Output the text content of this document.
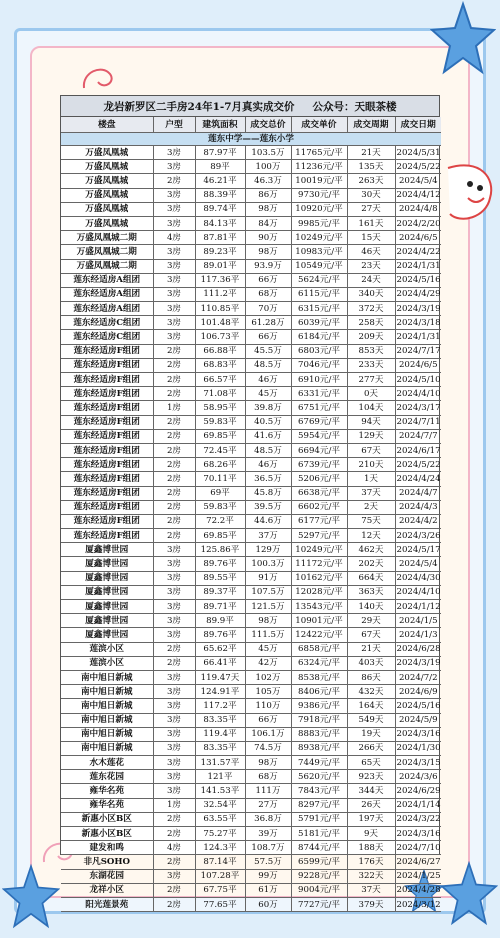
龙岩新罗区二手房24年1-7月真实成交价 公众号：天眼茶楼
楼盘	户型	建筑面积	成交总价	成交单价	成交周期	成交日期
莲东中学——莲东小学						
万盛凤凰城	3房	87.97平	103.5万	11765元/平	21天	2024/5/31
万盛凤凰城	3房	89平	100万	11236元/平	135天	2024/5/22
万盛凤凰城	2房	46.21平	46.3万	10019元/平	263天	2024/5/4
万盛凤凰城	3房	88.39平	86万	9730元/平	30天	2024/4/12
万盛凤凰城	3房	89.74平	98万	10920元/平	27天	2024/4/8
万盛凤凰城	3房	84.13平	84万	9985元/平	161天	2024/2/20
万盛凤凰城二期	4房	87.81平	90万	10249元/平	15天	2024/6/5
万盛凤凰城二期	3房	89.23平	98万	10983元/平	46天	2024/4/22
万盛凤凰城二期	3房	89.01平	93.9万	10549元/平	23天	2024/1/31
莲东经适房A组团	3房	117.36平	66万	5624元/平	24天	2024/5/16
莲东经适房A组团	3房	111.2平	68万	6115元/平	340天	2024/4/29
莲东经适房A组团	3房	110.85平	70万	6315元/平	372天	2024/3/19
莲东经适房C组团	3房	101.48平	61.28万	6039元/平	258天	2024/3/18
莲东经适房C组团	3房	106.73平	66万	6184元/平	209天	2024/1/31
莲东经适房F组团	2房	66.88平	45.5万	6803元/平	853天	2024/7/17
莲东经适房F组团	2房	68.83平	48.5万	7046元/平	233天	2024/6/5
莲东经适房F组团	2房	66.57平	46万	6910元/平	277天	2024/5/10
莲东经适房F组团	2房	71.08平	45万	6331元/平	0天	2024/4/10
莲东经适房F组团	1房	58.95平	39.8万	6751元/平	104天	2024/3/17
莲东经适房F组团	2房	59.83平	40.5万	6769元/平	94天	2024/7/11
莲东经适房F组团	2房	69.85平	41.6万	5954元/平	129天	2024/7/7
莲东经适房F组团	2房	72.45平	48.5万	6694元/平	67天	2024/6/17
莲东经适房F组团	2房	68.26平	46万	6739元/平	210天	2024/5/22
莲东经适房F组团	2房	70.11平	36.5万	5206元/平	1天	2024/4/24
莲东经适房F组团	2房	69平	45.8万	6638元/平	37天	2024/4/7
莲东经适房F组团	2房	59.83平	39.5万	6602元/平	2天	2024/4/3
莲东经适房F组团	2房	72.2平	44.6万	6177元/平	75天	2024/4/2
莲东经适房F组团	2房	69.85平	37万	5297元/平	12天	2024/3/26
厦鑫博世园	3房	125.86平	129万	10249元/平	462天	2024/5/17
厦鑫博世园	3房	89.76平	100.3万	11172元/平	202天	2024/5/4
厦鑫博世园	3房	89.55平	91万	10162元/平	664天	2024/4/30
厦鑫博世园	3房	89.37平	107.5万	12028元/平	363天	2024/4/10
厦鑫博世园	3房	89.71平	121.5万	13543元/平	140天	2024/1/12
厦鑫博世园	3房	89.9平	98万	10901元/平	29天	2024/1/5
厦鑫博世园	3房	89.76平	111.5万	12422元/平	67天	2024/1/3
莲滨小区	2房	65.62平	45万	6858元/平	21天	2024/6/28
莲滨小区	2房	66.41平	42万	6324元/平	403天	2024/3/19
南中旭日新城	3房	119.47天	102万	8538元/平	86天	2024/7/2
南中旭日新城	3房	124.91平	105万	8406元/平	432天	2024/6/9
南中旭日新城	3房	117.2平	110万	9386元/平	164天	2024/5/16
南中旭日新城	3房	83.35平	66万	7918元/平	549天	2024/5/9
南中旭日新城	3房	119.4平	106.1万	8883元/平	19天	2024/3/16
南中旭日新城	3房	83.35平	74.5万	8938元/平	266天	2024/1/30
水木莲花	3房	131.57平	98万	7449元/平	65天	2024/3/15
莲东花园	3房	121平	68万	5620元/平	923天	2024/3/6
雍华名苑	3房	141.53平	111万	7843元/平	344天	2024/6/29
雍华名苑	1房	32.54平	27万	8297元/平	26天	2024/1/14
新惠小区B区	2房	63.55平	36.8万	5791元/平	197天	2024/3/22
新惠小区B区	2房	75.27平	39万	5181元/平	9天	2024/3/16
建发和鸣	4房	124.3平	108.7万	8744元/平	188天	2024/7/10
非凡SOHO	2房	87.14平	57.5万	6599元/平	176天	2024/6/27
东湖花园	3房	107.28平	99万	9228元/平	322天	2024/1/25
龙祥小区	2房	67.75平	61万	9004元/平	37天	2024/4/28
阳光莲景苑	2房	77.65平	60万	7727元/平	379天	2024/3/12
